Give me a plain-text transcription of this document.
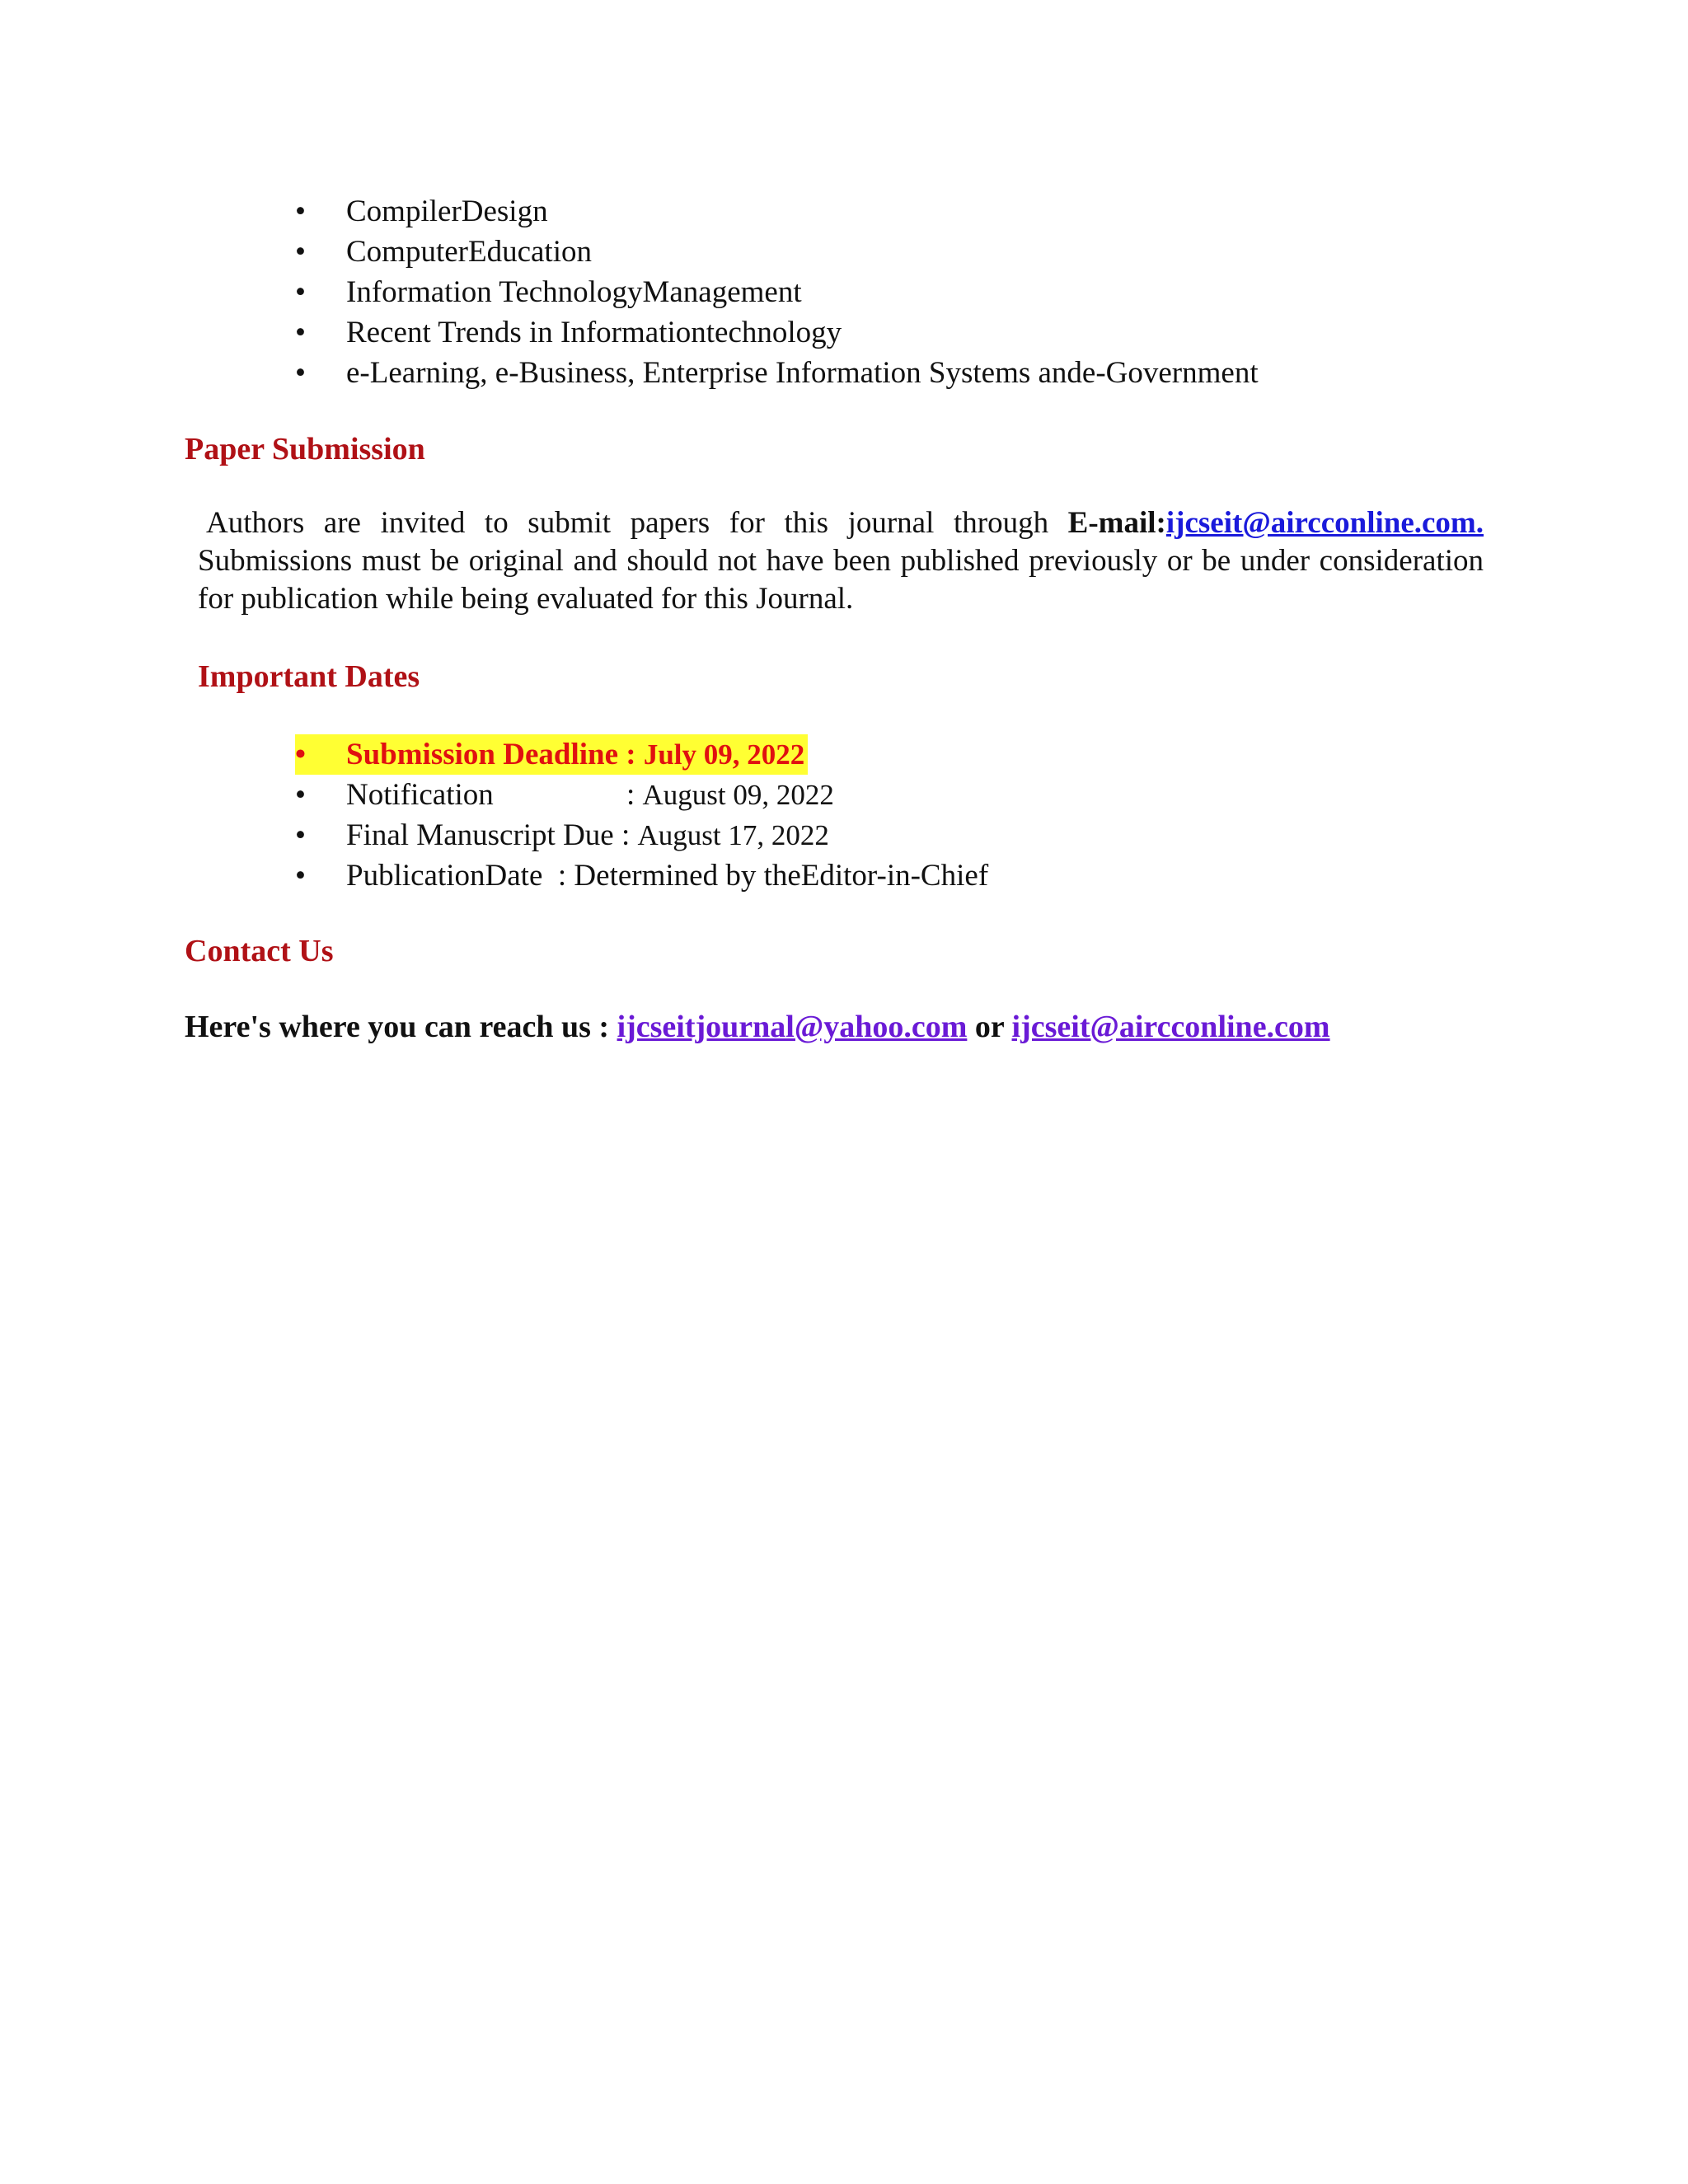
•	CompilerDesign
•	ComputerEducation
•	Information TechnologyManagement
•	Recent Trends in Informationtechnology
•	e-Learning, e-Business, Enterprise Information Systems ande-Government
Paper Submission

Authors are invited to submit papers for this journal through E-mail:ijcseit@aircconline.com. Submissions must be original and should not have been published previously or be under consideration for publication while being evaluated for this Journal.

Important Dates
•	Submission Deadline : July 09, 2022
•	Notification	: August 09, 2022
•	Final Manuscript Due : August 17, 2022
•	PublicationDate  : Determined by theEditor-in-Chief
Contact Us

Here's where you can reach us : ijcseitjournal@yahoo.com or ijcseit@aircconline.com
